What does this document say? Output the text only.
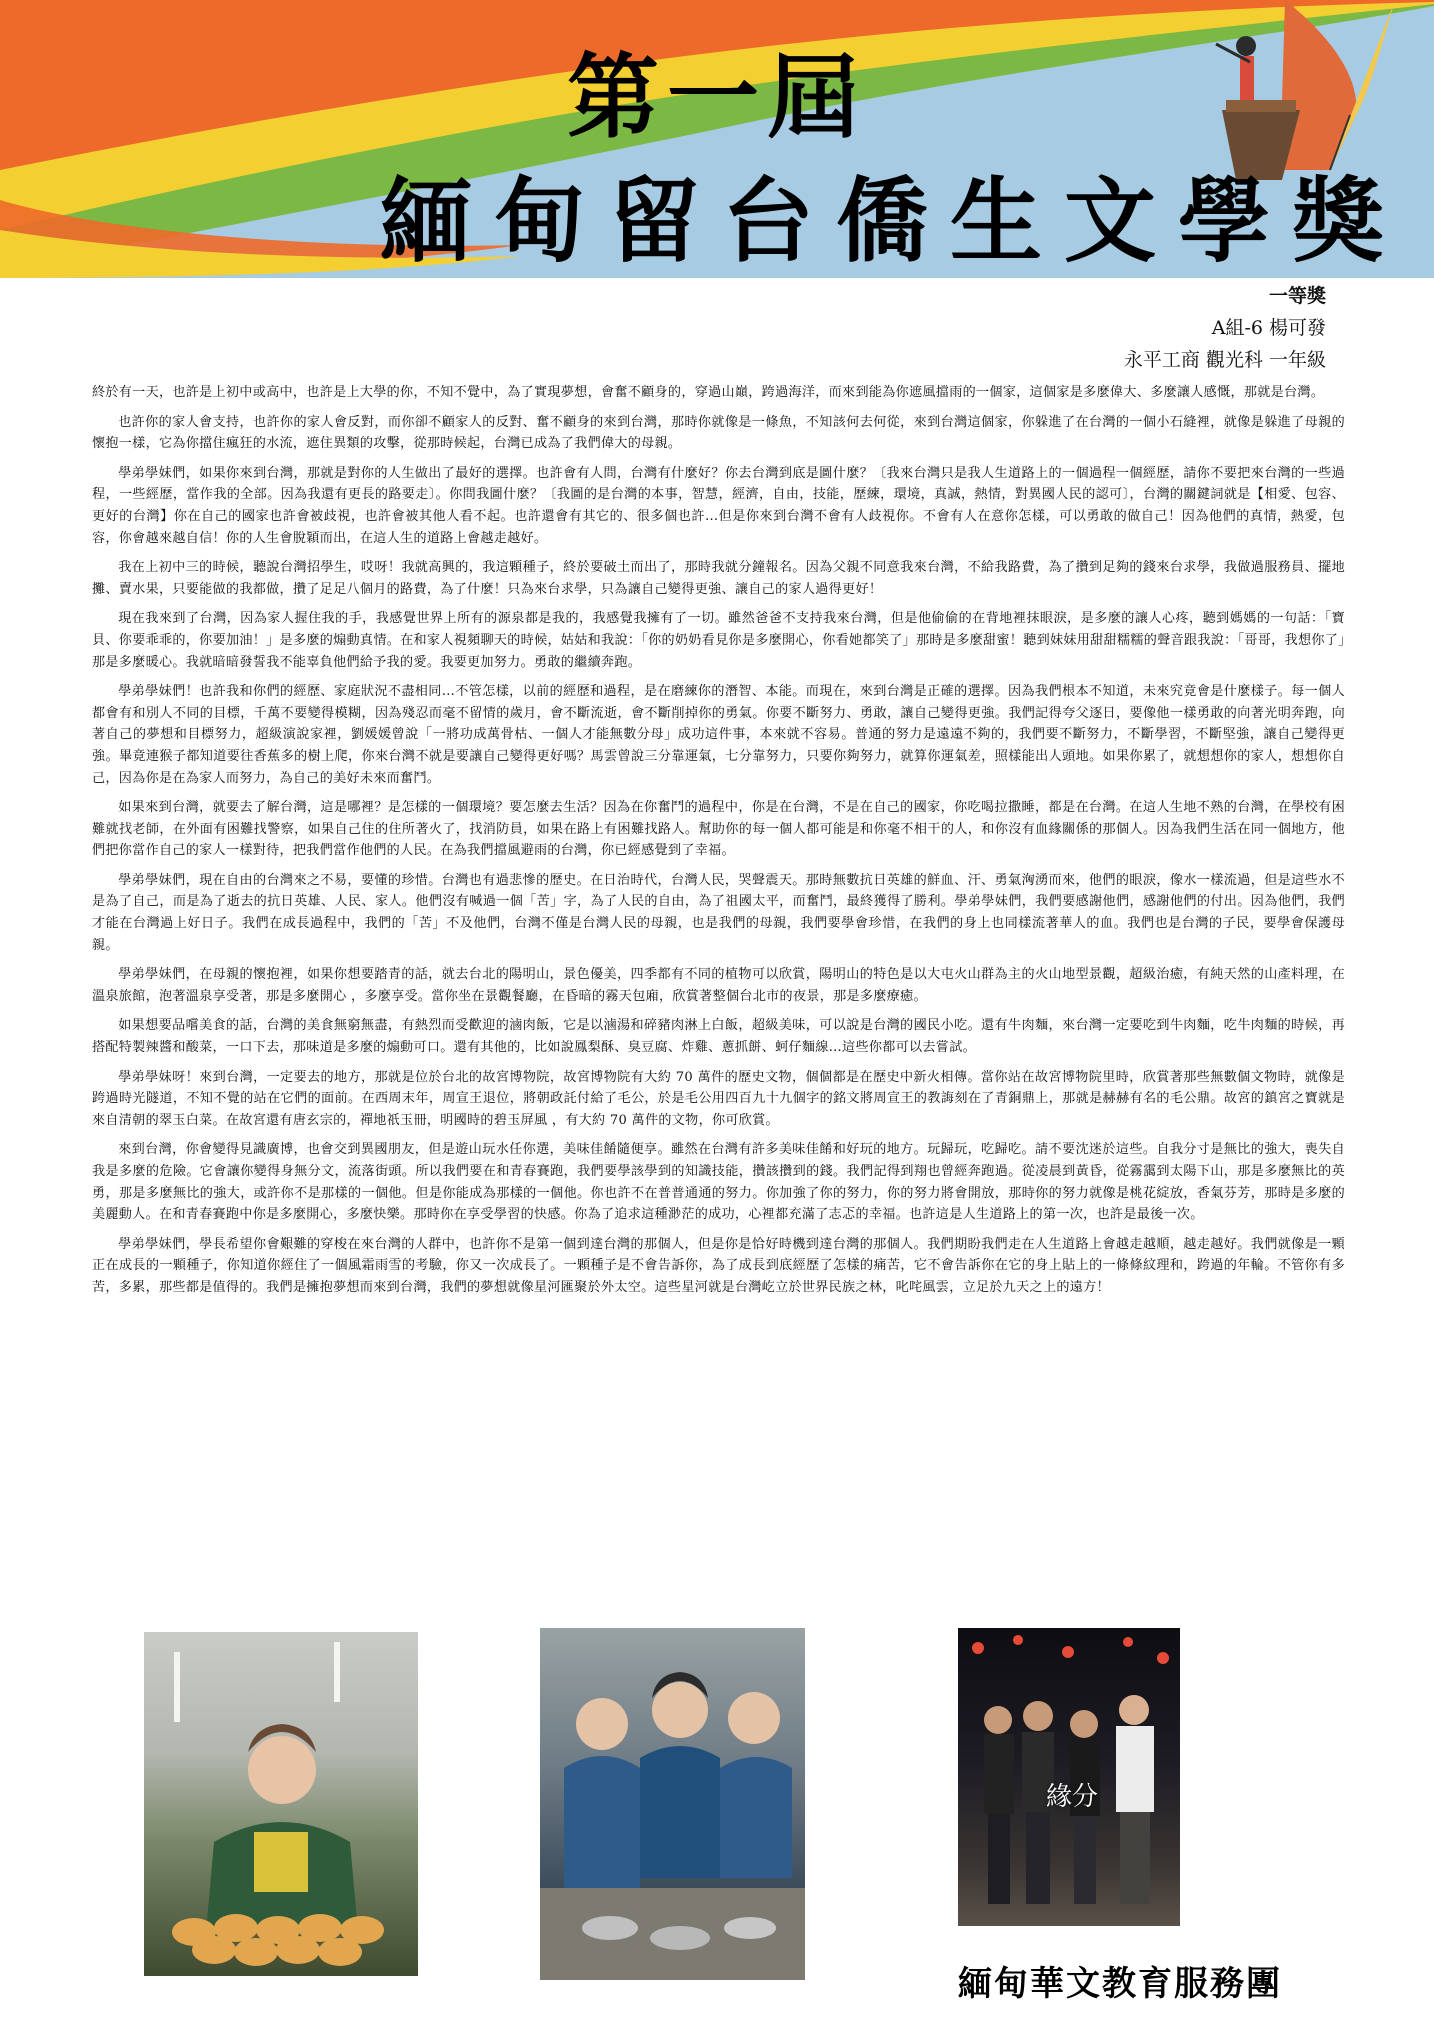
第一屆
緬甸留台僑生文學獎
一等獎
A組-6 楊可發
永平工商 觀光科 一年級

終於有一天，也許是上初中或高中，也許是上大學的你，不知不覺中，為了實現夢想，會奮不顧身的，穿過山巔，跨過海洋，而來到能為你遮風擋雨的一個家，這個家是多麼偉大、多麼讓人感慨，那就是台灣。

也許你的家人會支持，也許你的家人會反對，而你卻不顧家人的反對、奮不顧身的來到台灣，那時你就像是一條魚，不知該何去何從，來到台灣這個家，你躲進了在台灣的一個小石縫裡，就像是躲進了母親的懷抱一樣，它為你擋住瘋狂的水流，遮住異類的攻擊，從那時候起，台灣已成為了我們偉大的母親。

學弟學妹們，如果你來到台灣，那就是對你的人生做出了最好的選擇。也許會有人問，台灣有什麼好？你去台灣到底是圖什麼？〔我來台灣只是我人生道路上的一個過程一個經歷，請你不要把來台灣的一些過程，一些經歷，當作我的全部。因為我還有更長的路要走〕。你問我圖什麼？〔我圖的是台灣的本事，智慧，經濟，自由，技能，歷練，環境，真誠，熱情，對異國人民的認可〕，台灣的關鍵詞就是【相愛、包容、更好的台灣】你在自己的國家也許會被歧視，也許會被其他人看不起。也許還會有其它的、很多個也許…但是你來到台灣不會有人歧視你。不會有人在意你怎樣，可以勇敢的做自己！因為他們的真情，熱愛，包容，你會越來越自信！你的人生會脫穎而出，在這人生的道路上會越走越好。

我在上初中三的時候，聽說台灣招學生，哎呀！我就高興的，我這顆種子，終於要破土而出了，那時我就分鐘報名。因為父親不同意我來台灣，不給我路費，為了攢到足夠的錢來台求學，我做過服務員、擺地攤、賣水果，只要能做的我都做，攢了足足八個月的路費，為了什麼！只為來台求學，只為讓自己變得更強、讓自己的家人過得更好！

現在我來到了台灣，因為家人握住我的手，我感覺世界上所有的源泉都是我的，我感覺我擁有了一切。雖然爸爸不支持我來台灣，但是他偷偷的在背地裡抹眼淚，是多麼的讓人心疼，聽到媽媽的一句話：「寶貝、你要乖乖的，你要加油！」是多麼的煽動真情。在和家人視頻聊天的時候，姑姑和我說：「你的奶奶看見你是多麼開心，你看她都笑了」那時是多麼甜蜜！聽到妹妹用甜甜糯糯的聲音跟我說：「哥哥，我想你了」那是多麼暖心。我就暗暗發誓我不能辜負他們給予我的愛。我要更加努力。勇敢的繼續奔跑。

學弟學妹們！也許我和你們的經歷、家庭狀況不盡相同…不管怎樣，以前的經歷和過程，是在磨練你的潛智、本能。而現在，來到台灣是正確的選擇。因為我們根本不知道，未來究竟會是什麼樣子。每一個人都會有和別人不同的目標，千萬不要變得模糊，因為殘忍而毫不留情的歲月，會不斷流逝，會不斷削掉你的勇氣。你要不斷努力、勇敢，讓自己變得更強。我們記得夸父逐日，要像他一樣勇敢的向著光明奔跑，向著自己的夢想和目標努力，超級演說家裡，劉媛媛曾說「一將功成萬骨枯、一個人才能無數分母」成功這件事，本來就不容易。普通的努力是遠遠不夠的，我們要不斷努力，不斷學習，不斷堅強，讓自己變得更強。畢竟連猴子都知道要往香蕉多的樹上爬，你來台灣不就是要讓自己變得更好嗎？馬雲曾說三分靠運氣，七分靠努力，只要你夠努力，就算你運氣差，照樣能出人頭地。如果你累了，就想想你的家人，想想你自己，因為你是在為家人而努力，為自己的美好未來而奮鬥。

如果來到台灣，就要去了解台灣，這是哪裡？是怎樣的一個環境？要怎麼去生活？因為在你奮鬥的過程中，你是在台灣，不是在自己的國家，你吃喝拉撒睡，都是在台灣。在這人生地不熟的台灣，在學校有困難就找老師，在外面有困難找警察，如果自己住的住所著火了，找消防員，如果在路上有困難找路人。幫助你的每一個人都可能是和你毫不相干的人，和你沒有血緣關係的那個人。因為我們生活在同一個地方，他們把你當作自己的家人一樣對待，把我們當作他們的人民。在為我們擋風避雨的台灣，你已經感覺到了幸福。

學弟學妹們，現在自由的台灣來之不易，要懂的珍惜。台灣也有過悲慘的歷史。在日治時代，台灣人民，哭聲震天。那時無數抗日英雄的鮮血、汗、勇氣洶湧而來，他們的眼淚，像水一樣流過，但是這些水不是為了自己，而是為了逝去的抗日英雄、人民、家人。他們沒有喊過一個「苦」字，為了人民的自由，為了祖國太平，而奮鬥，最終獲得了勝利。學弟學妹們，我們要感謝他們，感謝他們的付出。因為他們，我們才能在台灣過上好日子。我們在成長過程中，我們的「苦」不及他們，台灣不僅是台灣人民的母親，也是我們的母親，我們要學會珍惜，在我們的身上也同樣流著華人的血。我們也是台灣的子民，要學會保護母親。

學弟學妹們，在母親的懷抱裡，如果你想要踏青的話，就去台北的陽明山，景色優美，四季都有不同的植物可以欣賞，陽明山的特色是以大屯火山群為主的火山地型景觀，超級治癒，有純天然的山產料理，在溫泉旅館，泡著溫泉享受著，那是多麼開心 ，多麼享受。當你坐在景觀餐廳，在昏暗的霧天包廂，欣賞著整個台北市的夜景，那是多麼療癒。

如果想要品嚐美食的話，台灣的美食無窮無盡，有熱烈而受歡迎的滷肉飯，它是以滷湯和碎豬肉淋上白飯，超級美味，可以說是台灣的國民小吃。還有牛肉麵，來台灣一定要吃到牛肉麵，吃牛肉麵的時候，再搭配特製辣醬和酸菜，一口下去，那味道是多麼的煽動可口。還有其他的，比如說鳳梨酥、臭豆腐、炸雞、蔥抓餅、蚵仔麵線…這些你都可以去嘗試。

學弟學妹呀！來到台灣，一定要去的地方，那就是位於台北的故宮博物院，故宮博物院有大約 70 萬件的歷史文物，個個都是在歷史中新火相傳。當你站在故宮博物院里時，欣賞著那些無數個文物時，就像是跨過時光隧道，不知不覺的站在它們的面前。在西周末年，周宣王退位，將朝政託付給了毛公，於是毛公用四百九十九個字的銘文將周宣王的教誨刻在了青銅鼎上，那就是赫赫有名的毛公鼎。故宮的鎮宮之寶就是來自清朝的翠玉白菜。在故宮還有唐玄宗的，禪地祇玉冊，明國時的碧玉屏風 ，有大約 70 萬件的文物，你可欣賞。

來到台灣，你會變得見識廣博，也會交到異國朋友，但是遊山玩水任你選，美味佳餚隨便享。雖然在台灣有許多美味佳餚和好玩的地方。玩歸玩，吃歸吃。請不要沈迷於這些。自我分寸是無比的強大，喪失自我是多麼的危險。它會讓你變得身無分文，流落街頭。所以我們要在和青春賽跑，我們要學該學到的知識技能，攢該攢到的錢。我們記得到翔也曾經奔跑過。從凌晨到黃昏，從霧靄到太陽下山，那是多麼無比的英勇，那是多麼無比的強大，或許你不是那樣的一個他。但是你能成為那樣的一個他。你也許不在普普通通的努力。你加強了你的努力，你的努力將會開放，那時你的努力就像是桃花綻放，香氣芬芳，那時是多麼的美麗動人。在和青春賽跑中你是多麼開心，多麼快樂。那時你在享受學習的快感。你為了追求這種渺茫的成功，心裡都充滿了志忑的幸福。也許這是人生道路上的第一次，也許是最後一次。

學弟學妹們，學長希望你會艱難的穿梭在來台灣的人群中，也許你不是第一個到達台灣的那個人，但是你是恰好時機到達台灣的那個人。我們期盼我們走在人生道路上會越走越順，越走越好。我們就像是一顆正在成長的一顆種子，你知道你經住了一個風霜雨雪的考驗，你又一次成長了。一顆種子是不會告訴你，為了成長到底經歷了怎樣的痛苦，它不會告訴你在它的身上貼上的一條條紋理和，跨過的年輪。不管你有多苦，多累，那些都是值得的。我們是擁抱夢想而來到台灣，我們的夢想就像星河匯聚於外太空。這些星河就是台灣屹立於世界民族之林，叱咤風雲，立足於九天之上的遠方！

緣分
緬甸華文教育服務團
